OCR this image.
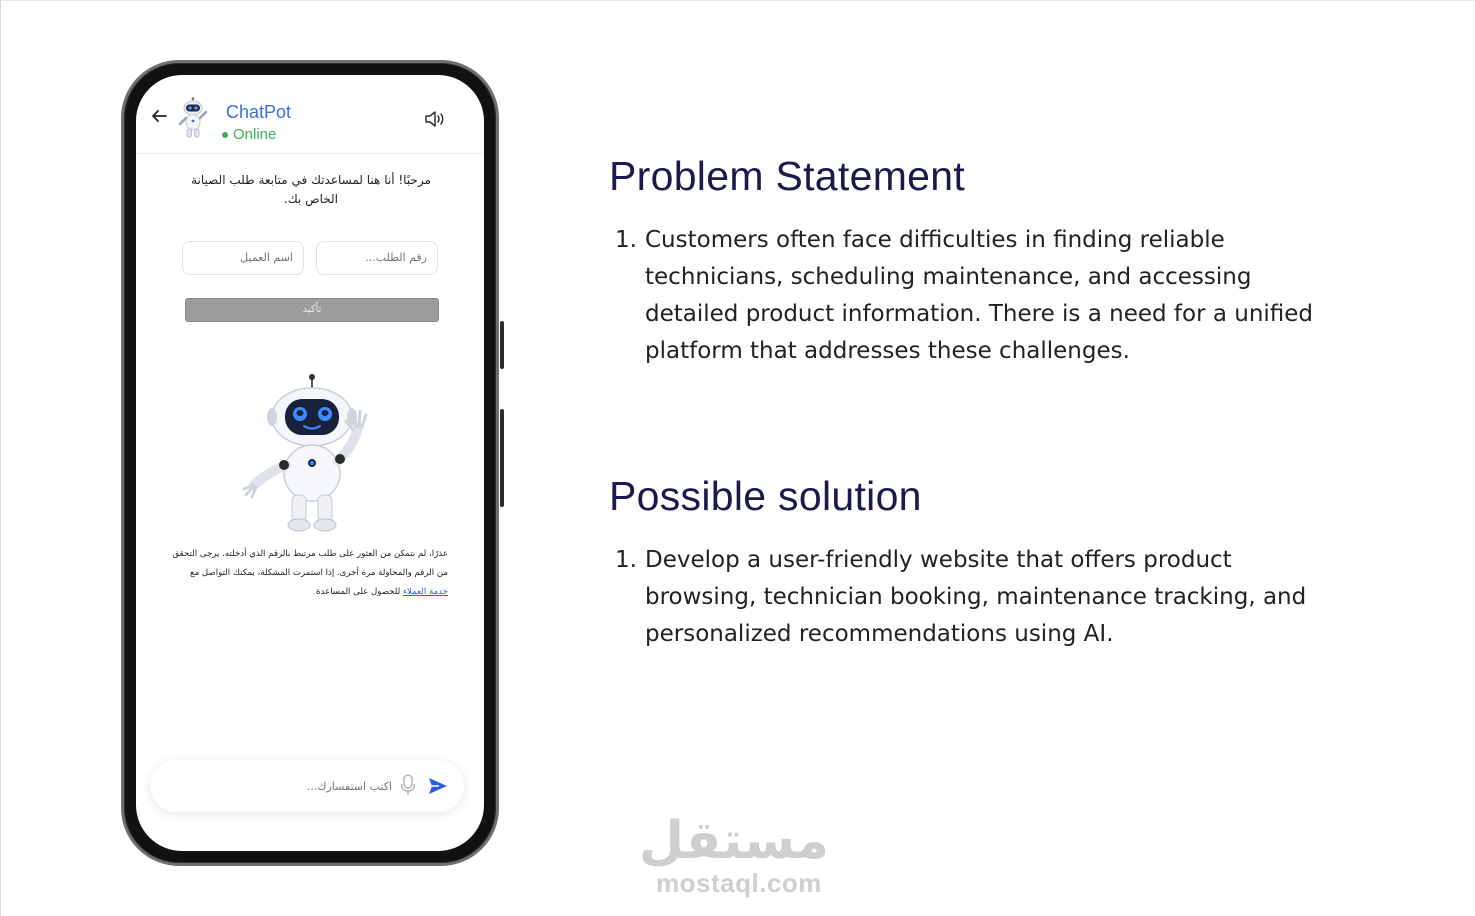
ChatPot
Online
مرحبًا! أنا هنا لمساعدتك في متابعة طلب الصيانة الخاص بك.
رقم الطلب...
اسم العميل
تأكيد
عذرًا، لم نتمكن من العثور على طلب مرتبط بالرقم الذي أدخلته. يرجى التحقق من الرقم والمحاولة مرة أخرى. إذا استمرت المشكلة، يمكنك التواصل مع خدمة العملاء للحصول على المساعدة
اكتب استفسارك...
Problem Statement
1. Customers often face difficulties in finding reliable technicians, scheduling maintenance, and accessing detailed product information. There is a need for a unified platform that addresses these challenges.
Possible solution
1. Develop a user-friendly website that offers product browsing, technician booking, maintenance tracking, and personalized recommendations using AI.
مستقل
mostaql.com
